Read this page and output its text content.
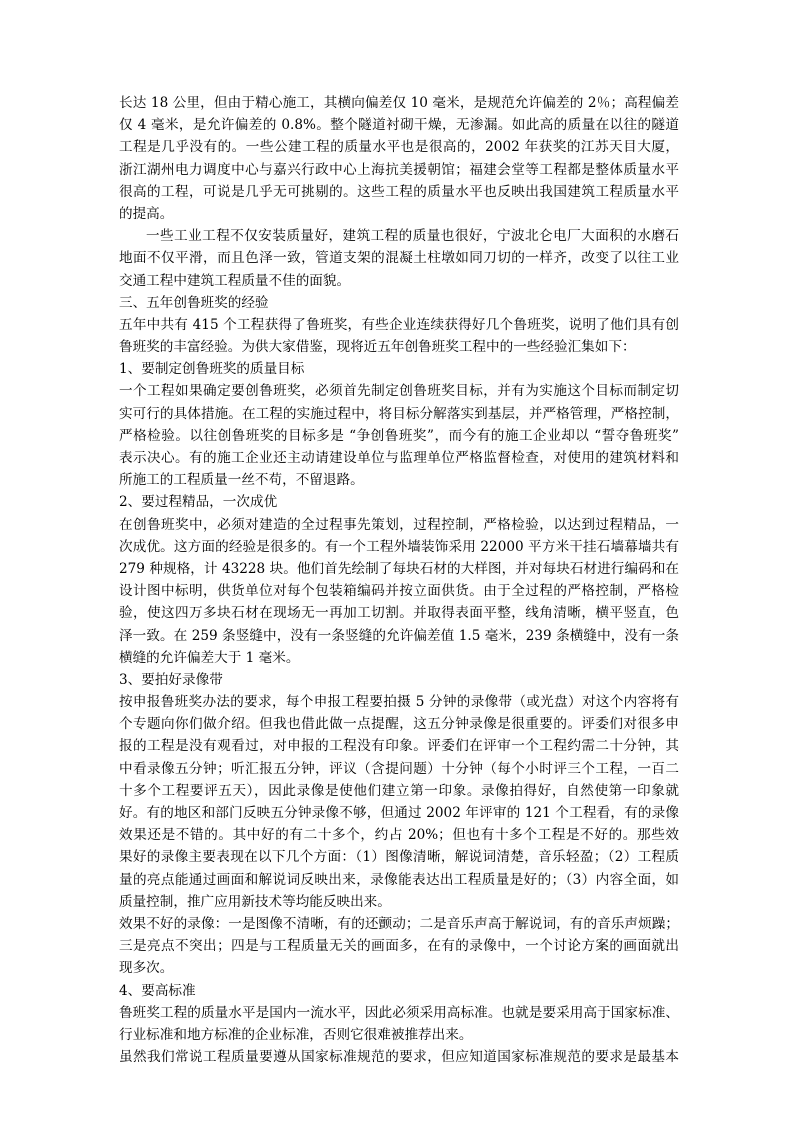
长达 18 公里，但由于精心施工，其横向偏差仅 10 毫米，是规范允许偏差的 2％；高程偏差
仅 4 毫米，是允许偏差的 0.8%。整个隧道衬砌干燥，无渗漏。如此高的质量在以往的隧道
工程是几乎没有的。一些公建工程的质量水平也是很高的，2002 年获奖的江苏天目大厦，
浙江湖州电力调度中心与嘉兴行政中心上海抗美援朝馆；福建会堂等工程都是整体质量水平
很高的工程，可说是几乎无可挑剔的。这些工程的质量水平也反映出我国建筑工程质量水平
的提高。
一些工业工程不仅安装质量好，建筑工程的质量也很好，宁波北仑电厂大面积的水磨石
地面不仅平滑，而且色泽一致，管道支架的混凝土柱墩如同刀切的一样齐，改变了以往工业
交通工程中建筑工程质量不佳的面貌。
三、五年创鲁班奖的经验
五年中共有 415 个工程获得了鲁班奖，有些企业连续获得好几个鲁班奖，说明了他们具有创
鲁班奖的丰富经验。为供大家借鉴，现将近五年创鲁班奖工程中的一些经验汇集如下：
1、要制定创鲁班奖的质量目标
一个工程如果确定要创鲁班奖，必须首先制定创鲁班奖目标，并有为实施这个目标而制定切
实可行的具体措施。在工程的实施过程中，将目标分解落实到基层，并严格管理，严格控制，
严格检验。以往创鲁班奖的目标多是 “争创鲁班奖”，而今有的施工企业却以 “誓夺鲁班奖”
表示决心。有的施工企业还主动请建设单位与监理单位严格监督检查，对使用的建筑材料和
所施工的工程质量一丝不苟，不留退路。
2、要过程精品，一次成优
在创鲁班奖中，必须对建造的全过程事先策划，过程控制，严格检验，以达到过程精品，一
次成优。这方面的经验是很多的。有一个工程外墙装饰采用 22000 平方米干挂石墙幕墙共有
279 种规格，计 43228 块。他们首先绘制了每块石材的大样图，并对每块石材进行编码和在
设计图中标明，供货单位对每个包装箱编码并按立面供货。由于全过程的严格控制，严格检
验，使这四万多块石材在现场无一再加工切割。并取得表面平整，线角清晰，横平竖直，色
泽一致。在 259 条竖缝中，没有一条竖缝的允许偏差值 1.5 毫米，239 条横缝中，没有一条
横缝的允许偏差大于 1 毫米。
3、要拍好录像带
按申报鲁班奖办法的要求，每个申报工程要拍摄 5 分钟的录像带（或光盘）对这个内容将有
个专题向你们做介绍。但我也借此做一点提醒，这五分钟录像是很重要的。评委们对很多申
报的工程是没有观看过，对申报的工程没有印象。评委们在评审一个工程约需二十分钟，其
中看录像五分钟；听汇报五分钟，评议（含提问题）十分钟（每个小时评三个工程，一百二
十多个工程要评五天），因此录像是使他们建立第一印象。录像拍得好，自然使第一印象就
好。有的地区和部门反映五分钟录像不够，但通过 2002 年评审的 121 个工程看，有的录像
效果还是不错的。其中好的有二十多个，约占 20%；但也有十多个工程是不好的。那些效
果好的录像主要表现在以下几个方面：（1）图像清晰，解说词清楚，音乐轻盈；（2）工程质
量的亮点能通过画面和解说词反映出来，录像能表达出工程质量是好的；（3）内容全面，如
质量控制，推广应用新技术等均能反映出来。
效果不好的录像：一是图像不清晰，有的还颤动；二是音乐声高于解说词，有的音乐声烦躁；
三是亮点不突出；四是与工程质量无关的画面多，在有的录像中，一个讨论方案的画面就出
现多次。
4、要高标准
鲁班奖工程的质量水平是国内一流水平，因此必须采用高标准。也就是要采用高于国家标准、
行业标准和地方标准的企业标准，否则它很难被推荐出来。
虽然我们常说工程质量要遵从国家标准规范的要求，但应知道国家标准规范的要求是最基本
